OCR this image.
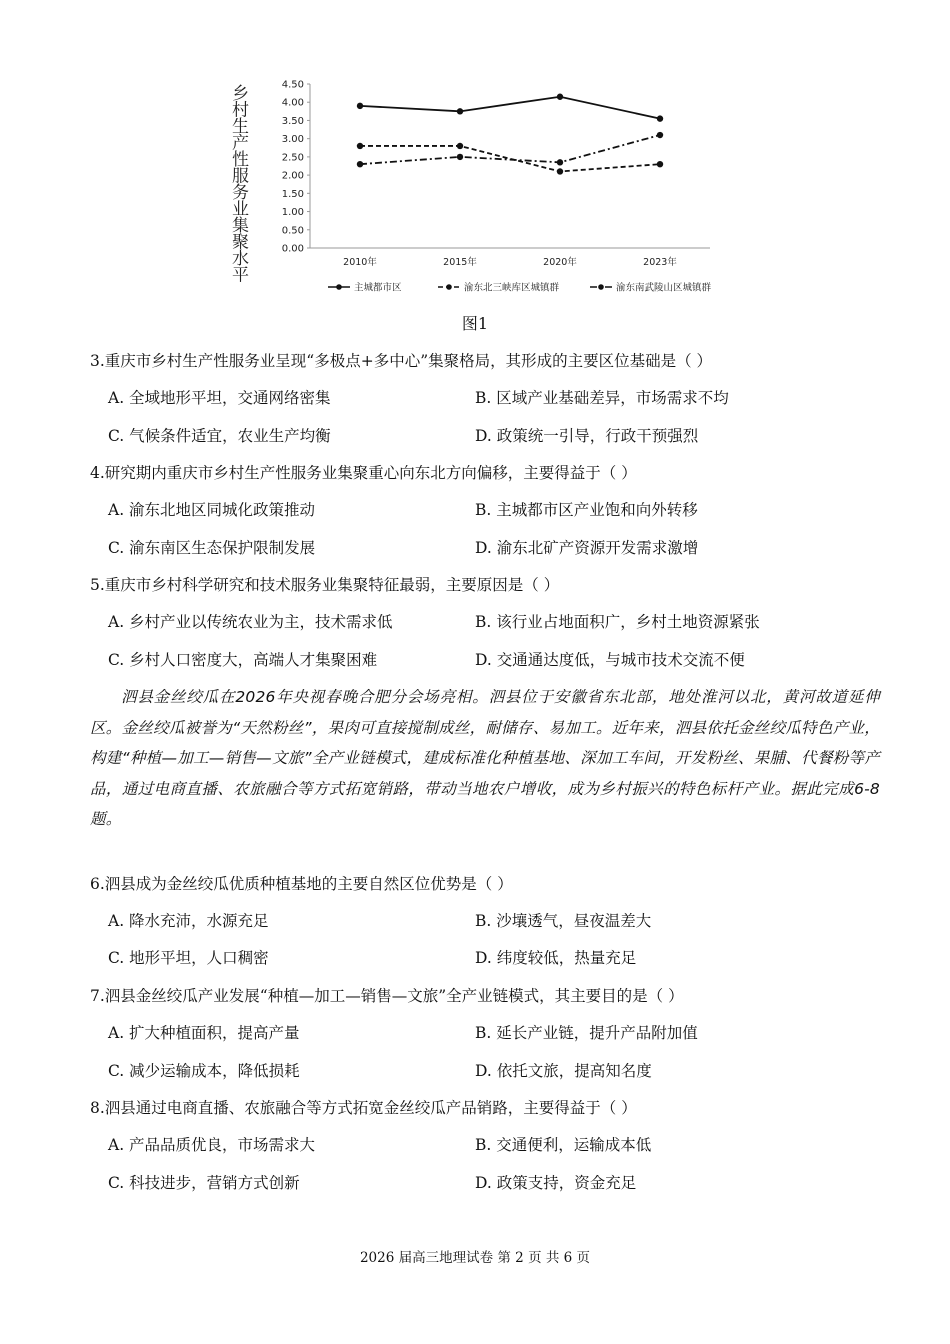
乡村生产性服务业集聚水平	0.00
0.50
1.00
1.50
2.00
2.50
3.00
3.50
4.00
4.50
2010年	2015年	2020年	2023年
主城都市区	渝东北三峡库区城镇群	渝东南武陵山区城镇群
图1
3.重庆市乡村生产性服务业呈现“多极点+多中心”集聚格局，其形成的主要区位基础是（ ）
A. 全域地形平坦，交通网络密集	B. 区域产业基础差异，市场需求不均
C. 气候条件适宜，农业生产均衡	D. 政策统一引导，行政干预强烈
4.研究期内重庆市乡村生产性服务业集聚重心向东北方向偏移，主要得益于（ ）
A. 渝东北地区同城化政策推动	B. 主城都市区产业饱和向外转移
C. 渝东南区生态保护限制发展	D. 渝东北矿产资源开发需求激增
5.重庆市乡村科学研究和技术服务业集聚特征最弱，主要原因是（ ）
A. 乡村产业以传统农业为主，技术需求低	B. 该行业占地面积广，乡村土地资源紧张
C. 乡村人口密度大，高端人才集聚困难	D. 交通通达度低，与城市技术交流不便
泗县金丝绞瓜在2026年央视春晚合肥分会场亮相。泗县位于安徽省东北部，地处淮河以北，黄河故道延伸区。金丝绞瓜被誉为“天然粉丝”，果肉可直接搅制成丝，耐储存、易加工。近年来，泗县依托金丝绞瓜特色产业，构建“种植—加工—销售—文旅”全产业链模式，建成标准化种植基地、深加工车间，开发粉丝、果脯、代餐粉等产品，通过电商直播、农旅融合等方式拓宽销路，带动当地农户增收，成为乡村振兴的特色标杆产业。据此完成6-8题。
6.泗县成为金丝绞瓜优质种植基地的主要自然区位优势是（ ）
A. 降水充沛，水源充足	B. 沙壤透气，昼夜温差大
C. 地形平坦，人口稠密	D. 纬度较低，热量充足
7.泗县金丝绞瓜产业发展“种植—加工—销售—文旅”全产业链模式，其主要目的是（ ）
A. 扩大种植面积，提高产量	B. 延长产业链，提升产品附加值
C. 减少运输成本，降低损耗	D. 依托文旅，提高知名度
8.泗县通过电商直播、农旅融合等方式拓宽金丝绞瓜产品销路，主要得益于（ ）
A. 产品品质优良，市场需求大	B. 交通便利，运输成本低
C. 科技进步，营销方式创新	D. 政策支持，资金充足
2026 届高三地理试卷 第 2 页 共 6 页
